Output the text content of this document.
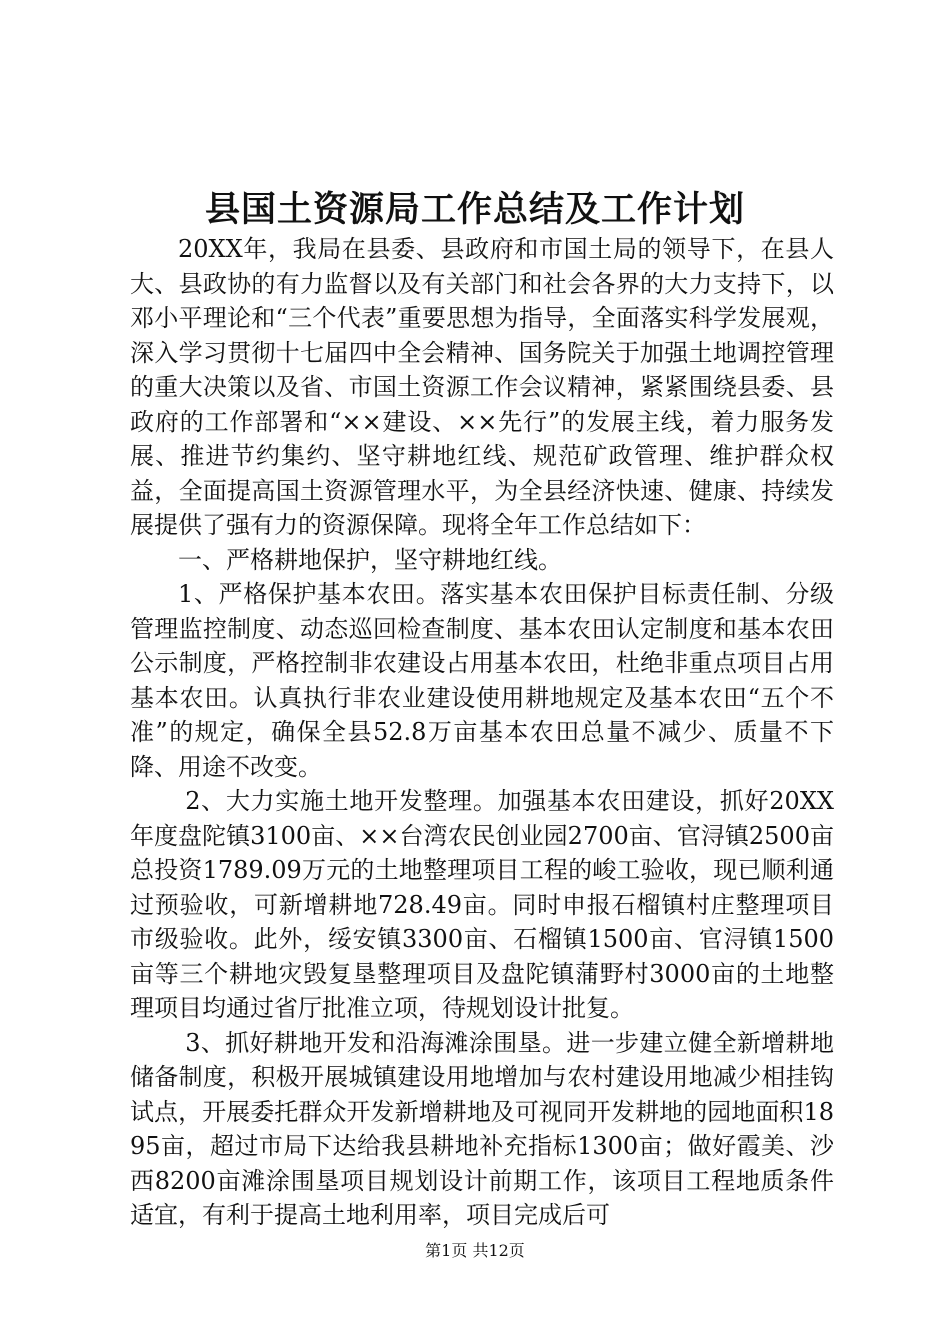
县国土资源局工作总结及工作计划

20XX年，我局在县委、县政府和市国土局的领导下，在县人大、县政协的有力监督以及有关部门和社会各界的大力支持下，以邓小平理论和“三个代表”重要思想为指导，全面落实科学发展观，深入学习贯彻十七届四中全会精神、国务院关于加强土地调控管理的重大决策以及省、市国土资源工作会议精神，紧紧围绕县委、县政府的工作部署和“××建设、××先行”的发展主线，着力服务发展、推进节约集约、坚守耕地红线、规范矿政管理、维护群众权益，全面提高国土资源管理水平，为全县经济快速、健康、持续发展提供了强有力的资源保障。现将全年工作总结如下：

一、严格耕地保护，坚守耕地红线。

1、严格保护基本农田。落实基本农田保护目标责任制、分级管理监控制度、动态巡回检查制度、基本农田认定制度和基本农田公示制度，严格控制非农建设占用基本农田，杜绝非重点项目占用基本农田。认真执行非农业建设使用耕地规定及基本农田“五个不准”的规定，确保全县52.8万亩基本农田总量不减少、质量不下降、用途不改变。

2、大力实施土地开发整理。加强基本农田建设，抓好20XX年度盘陀镇3100亩、××台湾农民创业园2700亩、官浔镇2500亩总投资1789.09万元的土地整理项目工程的峻工验收，现已顺利通过预验收，可新增耕地728.49亩。同时申报石榴镇村庄整理项目市级验收。此外，绥安镇3300亩、石榴镇1500亩、官浔镇1500亩等三个耕地灾毁复垦整理项目及盘陀镇蒲野村3000亩的土地整理项目均通过省厅批准立项，待规划设计批复。

3、抓好耕地开发和沿海滩涂围垦。进一步建立健全新增耕地储备制度，积极开展城镇建设用地增加与农村建设用地减少相挂钩试点，开展委托群众开发新增耕地及可视同开发耕地的园地面积1895亩，超过市局下达给我县耕地补充指标1300亩；做好霞美、沙西8200亩滩涂围垦项目规划设计前期工作，该项目工程地质条件适宜，有利于提高土地利用率，项目完成后可

第1页 共12页
